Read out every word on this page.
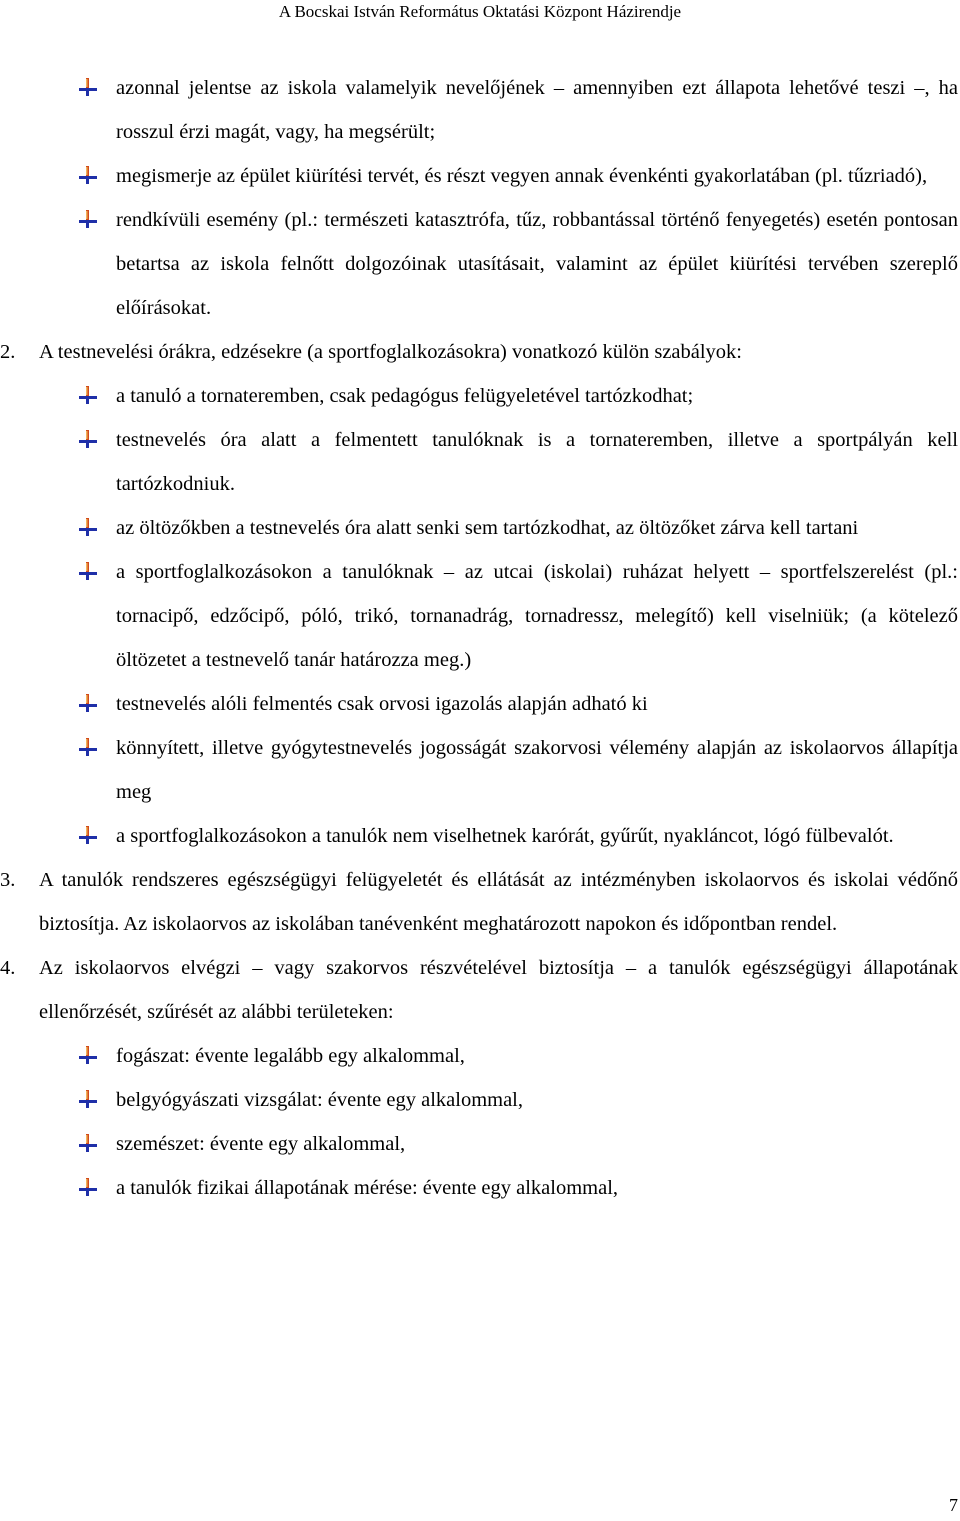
A Bocskai István Református Oktatási Központ Házirendje
azonnal jelentse az iskola valamelyik nevelőjének – amennyiben ezt állapota lehetővé teszi –, ha rosszul érzi magát, vagy, ha megsérült;
megismerje az épület kiürítési tervét, és részt vegyen annak évenkénti gyakorlatában (pl. tűzriadó),
rendkívüli esemény (pl.: természeti katasztrófa, tűz, robbantással történő fenyegetés) esetén pontosan betartsa az iskola felnőtt dolgozóinak utasításait, valamint az épület kiürítési tervében szereplő előírásokat.
2. A testnevelési órákra, edzésekre (a sportfoglalkozásokra) vonatkozó külön szabályok:
a tanuló a tornateremben, csak pedagógus felügyeletével tartózkodhat;
testnevelés óra alatt a felmentett tanulóknak is a tornateremben, illetve a sportpályán kell tartózkodniuk.
az öltözőkben a testnevelés óra alatt senki sem tartózkodhat, az öltözőket zárva kell tartani
a sportfoglalkozásokon a tanulóknak – az utcai (iskolai) ruházat helyett – sportfelszerelést (pl.: tornacipő, edzőcipő, póló, trikó, tornanadrág, tornadressz, melegítő) kell viselniük; (a kötelező öltözetet a testnevelő tanár határozza meg.)
testnevelés alóli felmentés csak orvosi igazolás alapján adható ki
könnyített, illetve gyógytestnevelés jogosságát szakorvosi vélemény alapján az iskolaorvos állapítja meg
a sportfoglalkozásokon a tanulók nem viselhetnek karórát, gyűrűt, nyakláncot, lógó fülbevalót.
3. A tanulók rendszeres egészségügyi felügyeletét és ellátását az intézményben iskolaorvos és iskolai védőnő biztosítja. Az iskolaorvos az iskolában tanévenként meghatározott napokon és időpontban rendel.
4. Az iskolaorvos elvégzi – vagy szakorvos részvételével biztosítja – a tanulók egészségügyi állapotának ellenőrzését, szűrését az alábbi területeken:
fogászat: évente legalább egy alkalommal,
belgyógyászati vizsgálat: évente egy alkalommal,
szemészet: évente egy alkalommal,
a tanulók fizikai állapotának mérése: évente egy alkalommal,
7
